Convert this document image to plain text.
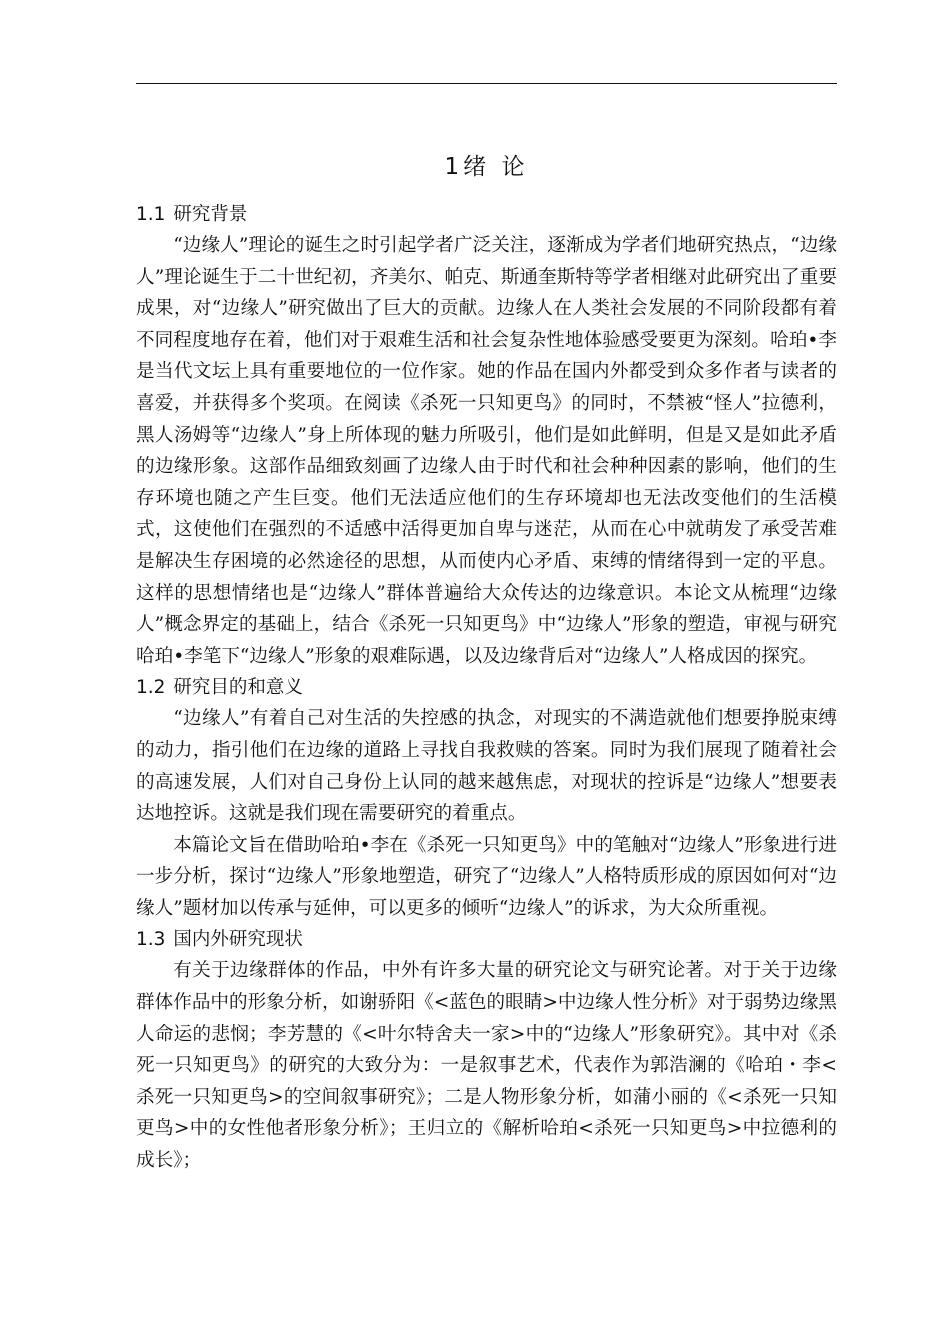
1绪 论
1.1 研究背景

“边缘人”理论的诞生之时引起学者广泛关注，逐渐成为学者们地研究热点，“边缘人”理论诞生于二十世纪初，齐美尔、帕克、斯通奎斯特等学者相继对此研究出了重要成果，对“边缘人”研究做出了巨大的贡献。边缘人在人类社会发展的不同阶段都有着不同程度地存在着，他们对于艰难生活和社会复杂性地体验感受要更为深刻。哈珀•李是当代文坛上具有重要地位的一位作家。她的作品在国内外都受到众多作者与读者的喜爱，并获得多个奖项。在阅读《杀死一只知更鸟》的同时，不禁被“怪人”拉德利，黑人汤姆等“边缘人”身上所体现的魅力所吸引，他们是如此鲜明，但是又是如此矛盾的边缘形象。这部作品细致刻画了边缘人由于时代和社会种种因素的影响，他们的生存环境也随之产生巨变。他们无法适应他们的生存环境却也无法改变他们的生活模式，这使他们在强烈的不适感中活得更加自卑与迷茫，从而在心中就萌发了承受苦难是解决生存困境的必然途径的思想，从而使内心矛盾、束缚的情绪得到一定的平息。这样的思想情绪也是“边缘人”群体普遍给大众传达的边缘意识。本论文从梳理“边缘人”概念界定的基础上，结合《杀死一只知更鸟》中“边缘人”形象的塑造，审视与研究哈珀•李笔下“边缘人”形象的艰难际遇，以及边缘背后对“边缘人”人格成因的探究。

1.2 研究目的和意义

“边缘人”有着自己对生活的失控感的执念，对现实的不满造就他们想要挣脱束缚的动力，指引他们在边缘的道路上寻找自我救赎的答案。同时为我们展现了随着社会的高速发展，人们对自己身份上认同的越来越焦虑，对现状的控诉是“边缘人”想要表达地控诉。这就是我们现在需要研究的着重点。

本篇论文旨在借助哈珀•李在《杀死一只知更鸟》中的笔触对“边缘人”形象进行进一步分析，探讨“边缘人”形象地塑造，研究了“边缘人”人格特质形成的原因如何对“边缘人”题材加以传承与延伸，可以更多的倾听“边缘人”的诉求，为大众所重视。

1.3 国内外研究现状

有关于边缘群体的作品，中外有许多大量的研究论文与研究论著。对于关于边缘群体作品中的形象分析，如谢骄阳《<蓝色的眼睛>中边缘人性分析》对于弱势边缘黑人命运的悲悯；李芳慧的《<叶尔特舍夫一家>中的“边缘人”形象研究》。其中对《杀死一只知更鸟》的研究的大致分为：一是叙事艺术，代表作为郭浩澜的《哈珀・李<杀死一只知更鸟>的空间叙事研究》；二是人物形象分析，如蒲小丽的《<杀死一只知更鸟>中的女性他者形象分析》；王归立的《解析哈珀<杀死一只知更鸟>中拉德利的成长》；
